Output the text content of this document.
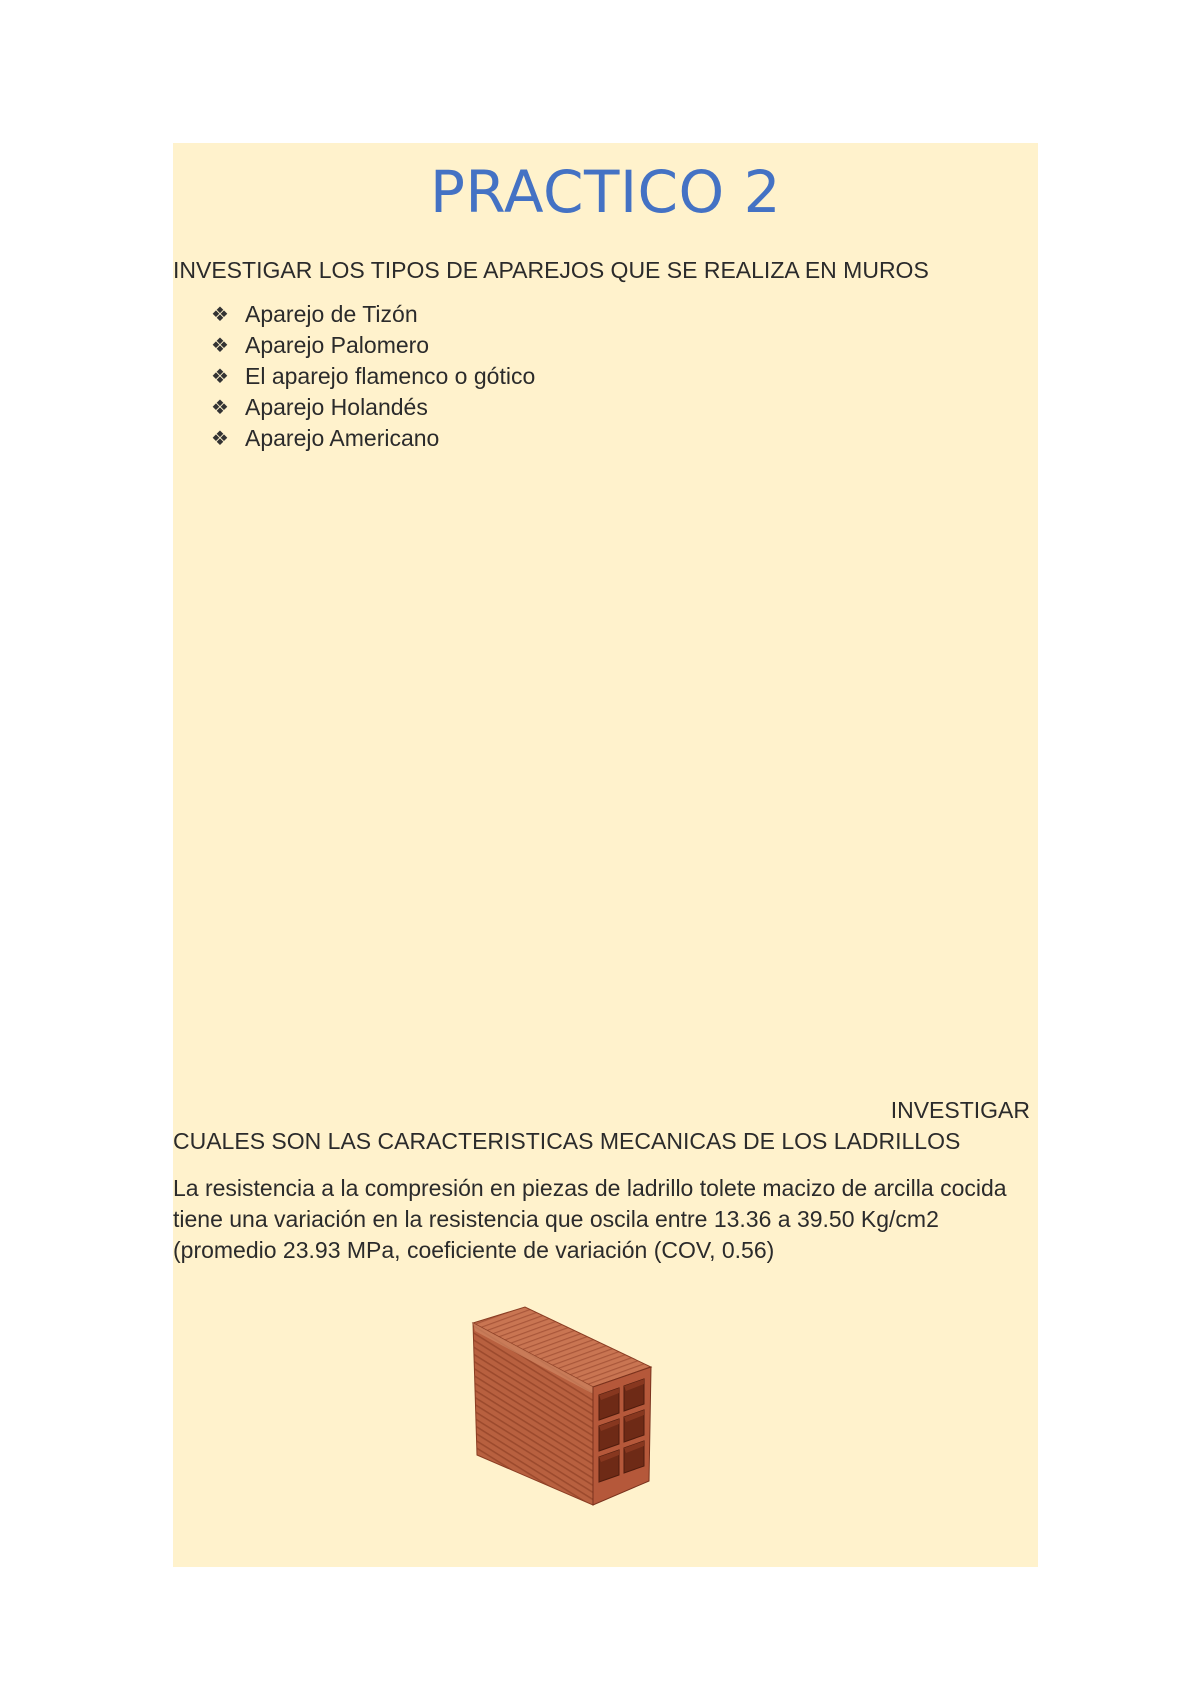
PRACTICO 2
INVESTIGAR LOS TIPOS DE APAREJOS QUE SE REALIZA EN MUROS
❖ Aparejo de Tizón
❖ Aparejo Palomero
❖ El aparejo flamenco o gótico
❖ Aparejo Holandés
❖ Aparejo Americano
INVESTIGAR
CUALES SON LAS CARACTERISTICAS MECANICAS DE LOS LADRILLOS
La resistencia a la compresión en piezas de ladrillo tolete macizo de arcilla cocida tiene una variación en la resistencia que oscila entre 13.36 a 39.50 Kg/cm2 (promedio 23.93 MPa, coeficiente de variación (COV, 0.56)
